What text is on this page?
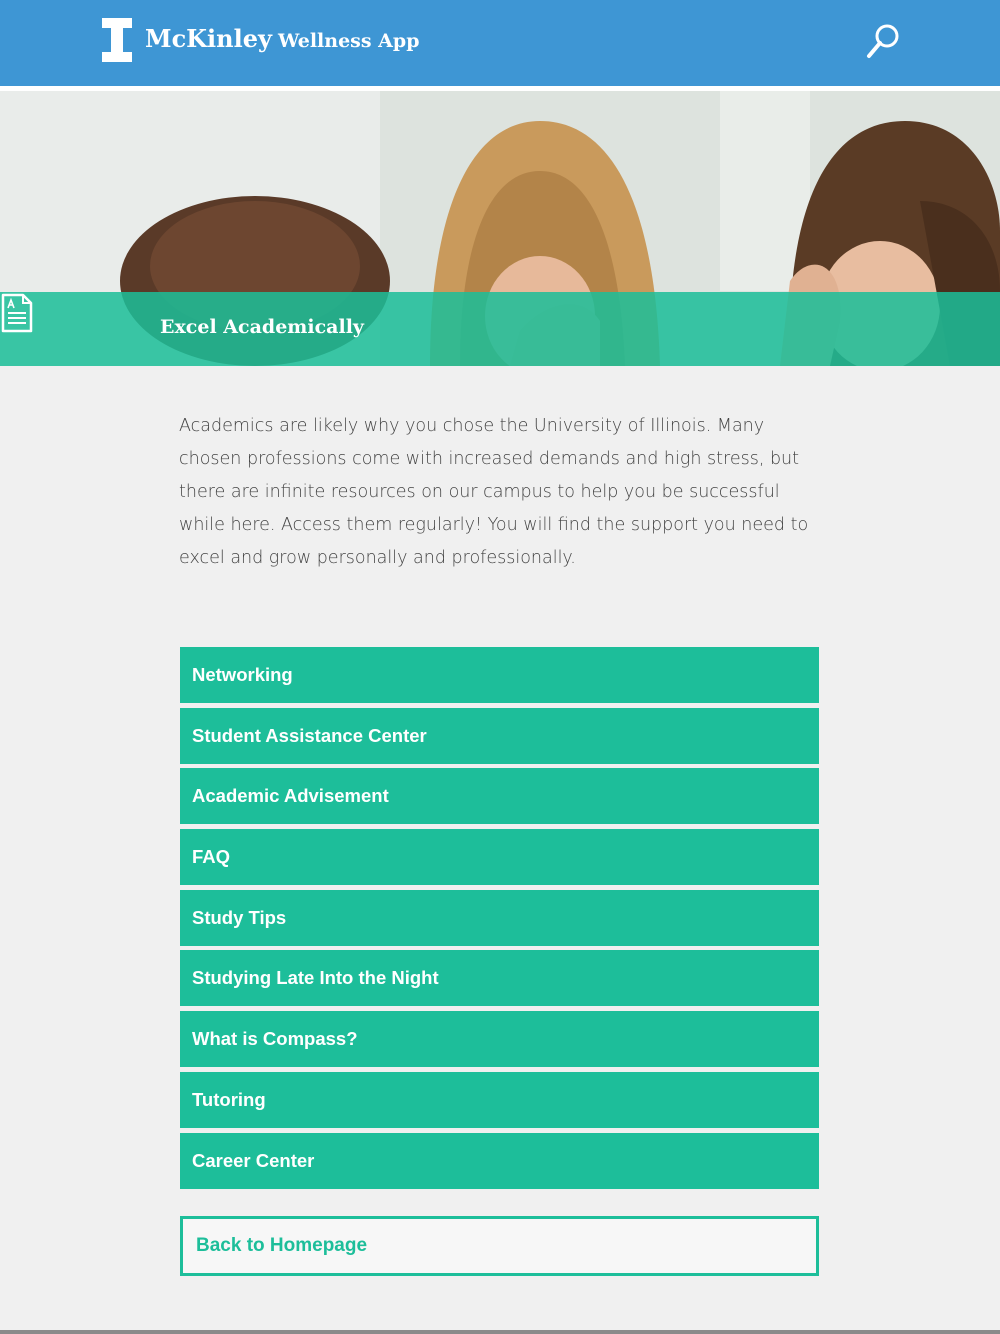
McKinley Wellness App
Excel Academically

Academics are likely why you chose the University of Illinois. Many chosen professions come with increased demands and high stress, but there are infinite resources on our campus to help you be successful while here. Access them regularly! You will find the support you need to excel and grow personally and professionally.

Networking
Student Assistance Center
Academic Advisement
FAQ
Study Tips
Studying Late Into the Night
What is Compass?
Tutoring
Career Center
Back to Homepage
